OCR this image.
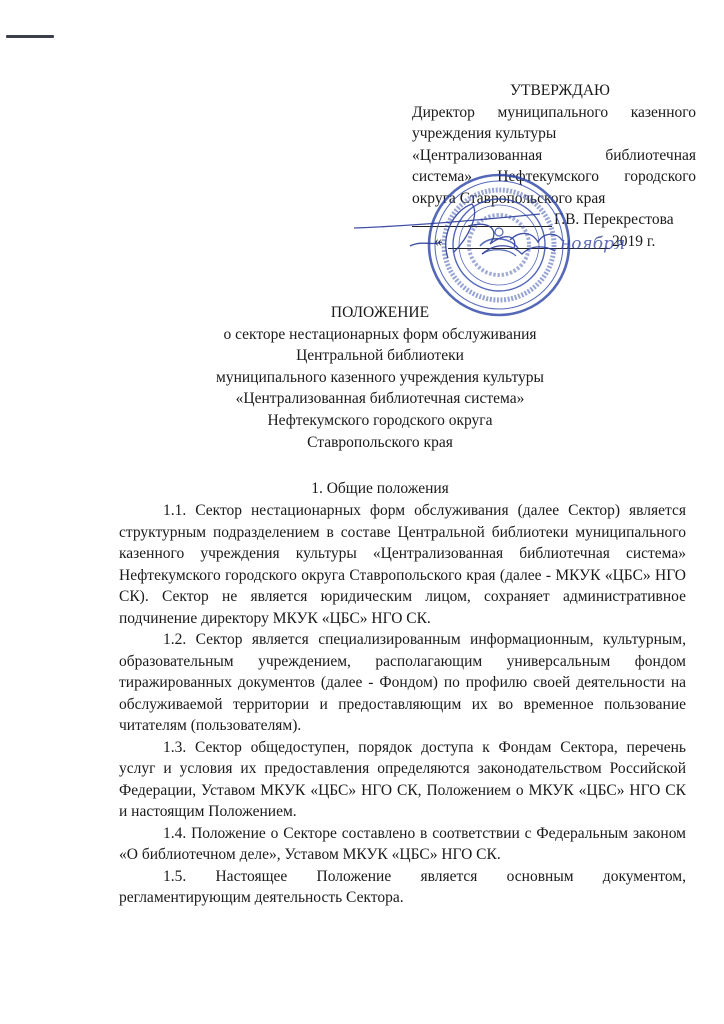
УТВЕРЖДАЮ
Директор муниципального казенного
учреждения культуры
«Централизованная библиотечная
система» Нефтекумского городского
округа Ставропольского края
Г.В. Перекрестова
«	2019 г.
ноября
ПОЛОЖЕНИЕ
о секторе нестационарных форм обслуживания
Центральной библиотеки
муниципального казенного учреждения культуры
«Централизованная библиотечная система»
Нефтекумского городского округа
Ставропольского края
1. Общие положения

1.1. Сектор нестационарных форм обслуживания (далее Сектор) является структурным подразделением в составе Центральной библиотеки муниципального казенного учреждения культуры «Централизованная библиотечная система» Нефтекумского городского округа Ставропольского края (далее - МКУК «ЦБС» НГО СК). Сектор не является юридическим лицом, сохраняет административное подчинение директору МКУК «ЦБС» НГО СК.

1.2. Сектор является специализированным информационным, культурным, образовательным учреждением, располагающим универсальным фондом тиражированных документов (далее - Фондом) по профилю своей деятельности на обслуживаемой территории и предоставляющим их во временное пользование читателям (пользователям).

1.3. Сектор общедоступен, порядок доступа к Фондам Сектора, перечень услуг и условия их предоставления определяются законодательством Российской Федерации, Уставом МКУК «ЦБС» НГО СК, Положением о МКУК «ЦБС» НГО СК и настоящим Положением.

1.4. Положение о Секторе составлено в соответствии с Федеральным законом «О библиотечном деле», Уставом МКУК «ЦБС» НГО СК.

1.5. Настоящее Положение является основным документом, регламентирующим деятельность Сектора.
